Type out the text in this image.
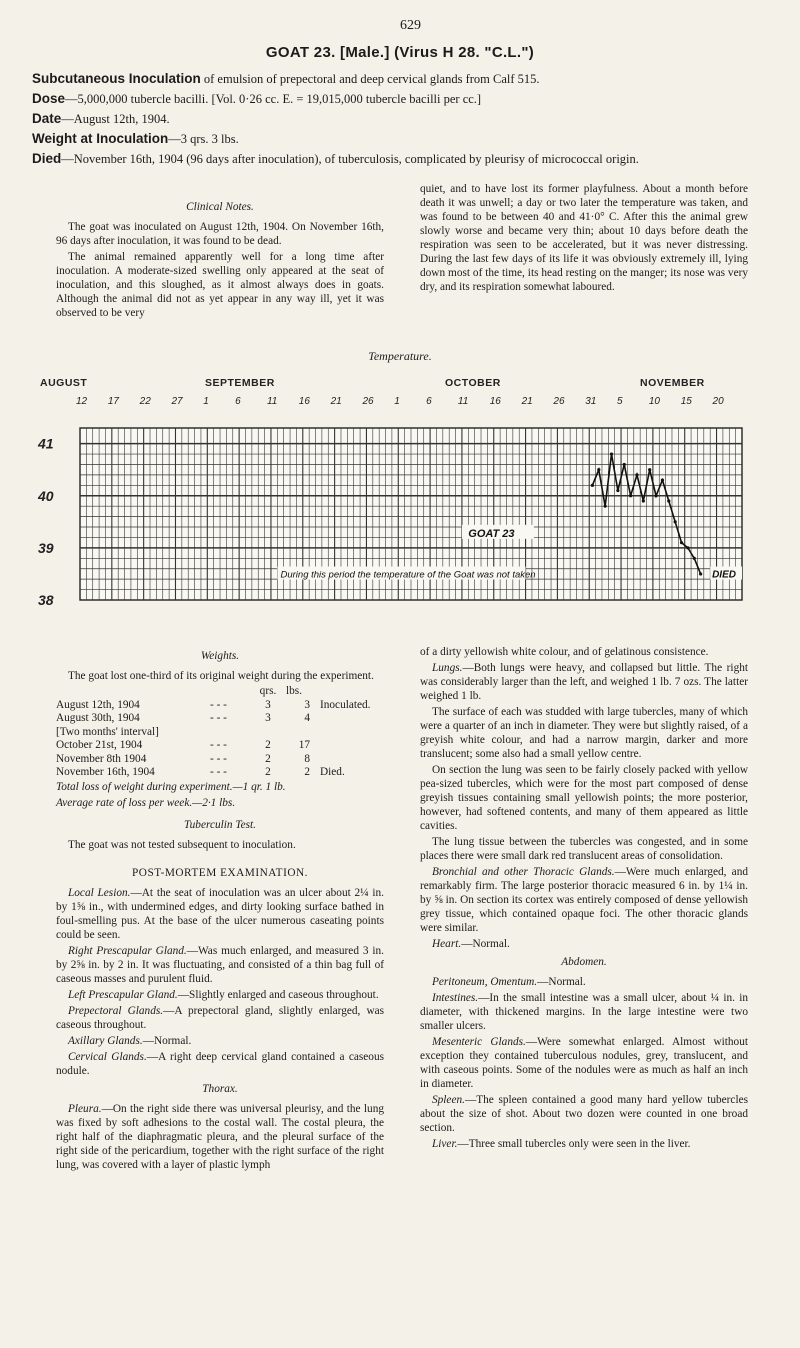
629
GOAT 23. [Male.] (Virus H 28. "C.L.")
Subcutaneous Inoculation of emulsion of prepectoral and deep cervical glands from Calf 515.
Dose—5,000,000 tubercle bacilli. [Vol. 0·26 cc. E. = 19,015,000 tubercle bacilli per cc.]
Date—August 12th, 1904.
Weight at Inoculation—3 qrs. 3 lbs.
Died—November 16th, 1904 (96 days after inoculation), of tuberculosis, complicated by pleurisy of micrococcal origin.

Clinical Notes.

The goat was inoculated on August 12th, 1904. On November 16th, 96 days after inoculation, it was found to be dead.

The animal remained apparently well for a long time after inoculation. A moderate-sized swelling only appeared at the seat of inoculation, and this sloughed, as it almost always does in goats. Although the animal did not as yet appear in any way ill, yet it was observed to be very

quiet, and to have lost its former playfulness. About a month before death it was unwell; a day or two later the temperature was taken, and was found to be between 40 and 41·0° C. After this the animal grew slowly worse and became very thin; about 10 days before death the respiration was seen to be accelerated, but it was never distressing. During the last few days of its life it was obviously extremely ill, lying down most of the time, its head resting on the manger; its nose was very dry, and its respiration somewhat laboured.

Temperature.
41
40
39
38
AUGUST	SEPTEMBER	OCTOBER	NOVEMBER
12 17 22 27 1	6	11 16 21 26 1	6	11 16 21 26 31 5	10 15 20
GOAT 23
During this period the temperature of the Goat was not taken	DIED

Weights.

The goat lost one-third of its original weight during the experiment.

		qrs.	lbs.	
August 12th, 1904	- - -	3	3	Inoculated.
August 30th, 1904	- - -	3	4	
[Two months' interval]				
October 21st, 1904	- - -	2	17	
November 8th 1904	- - -	2	8	
November 16th, 1904	- - -	2	2	Died.

Total loss of weight during experiment.—1 qr. 1 lb.

Average rate of loss per week.—2·1 lbs.

Tuberculin Test.

The goat was not tested subsequent to inoculation.

POST-MORTEM EXAMINATION.

Local Lesion.—At the seat of inoculation was an ulcer about 2¼ in. by 1⅝ in., with undermined edges, and dirty looking surface bathed in foul-smelling pus. At the base of the ulcer numerous caseating points could be seen.

Right Prescapular Gland.—Was much enlarged, and measured 3 in. by 2⅝ in. by 2 in. It was fluctuating, and consisted of a thin bag full of caseous masses and purulent fluid.

Left Prescapular Gland.—Slightly enlarged and caseous throughout.

Prepectoral Glands.—A prepectoral gland, slightly enlarged, was caseous throughout.

Axillary Glands.—Normal.

Cervical Glands.—A right deep cervical gland contained a caseous nodule.

Thorax.

Pleura.—On the right side there was universal pleurisy, and the lung was fixed by soft adhesions to the costal wall. The costal pleura, the right half of the diaphragmatic pleura, and the pleural surface of the right side of the pericardium, together with the right surface of the right lung, was covered with a layer of plastic lymph

of a dirty yellowish white colour, and of gelatinous consistence.

Lungs.—Both lungs were heavy, and collapsed but little. The right was considerably larger than the left, and weighed 1 lb. 7 ozs. The latter weighed 1 lb.

The surface of each was studded with large tubercles, many of which were a quarter of an inch in diameter. They were but slightly raised, of a greyish white colour, and had a narrow margin, darker and more translucent; some also had a small yellow centre.

On section the lung was seen to be fairly closely packed with yellow pea-sized tubercles, which were for the most part composed of dense greyish tissues containing small yellowish points; the more posterior, however, had softened contents, and many of them appeared as little cavities.

The lung tissue between the tubercles was congested, and in some places there were small dark red translucent areas of consolidation.

Bronchial and other Thoracic Glands.—Were much enlarged, and remarkably firm. The large posterior thoracic measured 6 in. by 1¼ in. by ⅝ in. On section its cortex was entirely composed of dense yellowish grey tissue, which contained opaque foci. The other thoracic glands were similar.

Heart.—Normal.

Abdomen.

Peritoneum, Omentum.—Normal.

Intestines.—In the small intestine was a small ulcer, about ¼ in. in diameter, with thickened margins. In the large intestine were two smaller ulcers.

Mesenteric Glands.—Were somewhat enlarged. Almost without exception they contained tuberculous nodules, grey, translucent, and with caseous points. Some of the nodules were as much as half an inch in diameter.

Spleen.—The spleen contained a good many hard yellow tubercles about the size of shot. About two dozen were counted in one broad section.

Liver.—Three small tubercles only were seen in the liver.
